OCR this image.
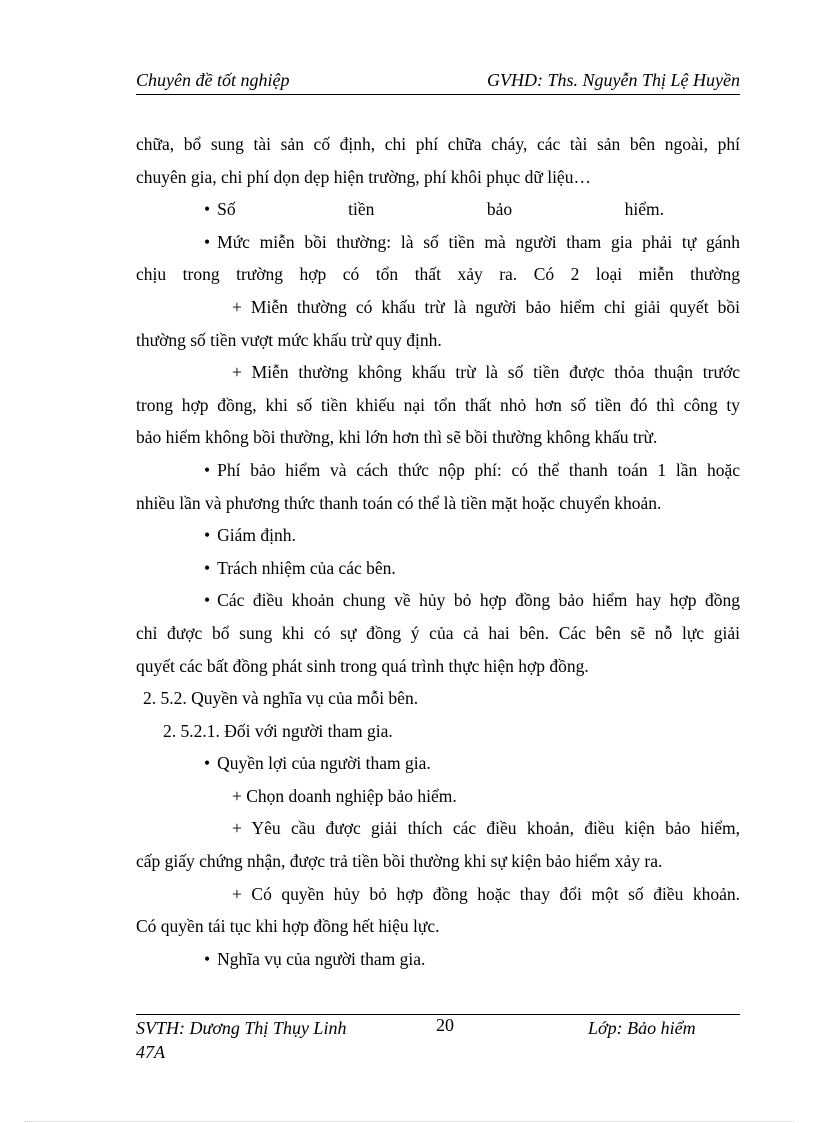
Chuyên đề tốt nghiệp	GVHD: Ths. Nguyễn Thị Lệ Huyền
chữa, bổ sung tài sản cố định, chi phí chữa cháy, các tài sản bên ngoài, phí
chuyên gia, chi phí dọn dẹp hiện trường, phí khôi phục dữ liệu…
• Số tiền bảo hiểm.
• Mức miễn bồi thường: là số tiền mà người tham gia phải tự gánh
chịu trong trường hợp có tổn thất xảy ra. Có 2 loại miễn thường
+ Miễn thường có khấu trừ là người bảo hiểm chỉ giải quyết bồi
thường số tiền vượt mức khấu trừ quy định.
+ Miễn thường không khấu trừ là số tiền được thỏa thuận trước
trong hợp đồng, khi số tiền khiếu nại tổn thất nhỏ hơn số tiền đó thì công ty
bảo hiểm không bồi thường, khi lớn hơn thì sẽ bồi thường không khấu trừ.
• Phí bảo hiểm và cách thức nộp phí: có thể thanh toán 1 lần hoặc
nhiều lần và phương thức thanh toán có thể là tiền mặt hoặc chuyển khoản.
• Giám định.
• Trách nhiệm của các bên.
• Các điều khoản chung về hủy bỏ hợp đồng bảo hiểm hay hợp đồng
chỉ được bổ sung khi có sự đồng ý của cả hai bên. Các bên sẽ nỗ lực giải
quyết các bất đồng phát sinh trong quá trình thực hiện hợp đồng.
2. 5.2. Quyền và nghĩa vụ của mỗi bên.
2. 5.2.1. Đối với người tham gia.
• Quyền lợi của người tham gia.
+ Chọn doanh nghiệp bảo hiểm.
+ Yêu cầu được giải thích các điều khoản, điều kiện bảo hiểm,
cấp giấy chứng nhận, được trả tiền bồi thường khi sự kiện bảo hiểm xảy ra.
+ Có quyền hủy bỏ hợp đồng hoặc thay đổi một số điều khoản.
Có quyền tái tục khi hợp đồng hết hiệu lực.
• Nghĩa vụ của người tham gia.
SVTH: Dương Thị Thụy Linh
47A
20	Lớp: Bảo hiểm
